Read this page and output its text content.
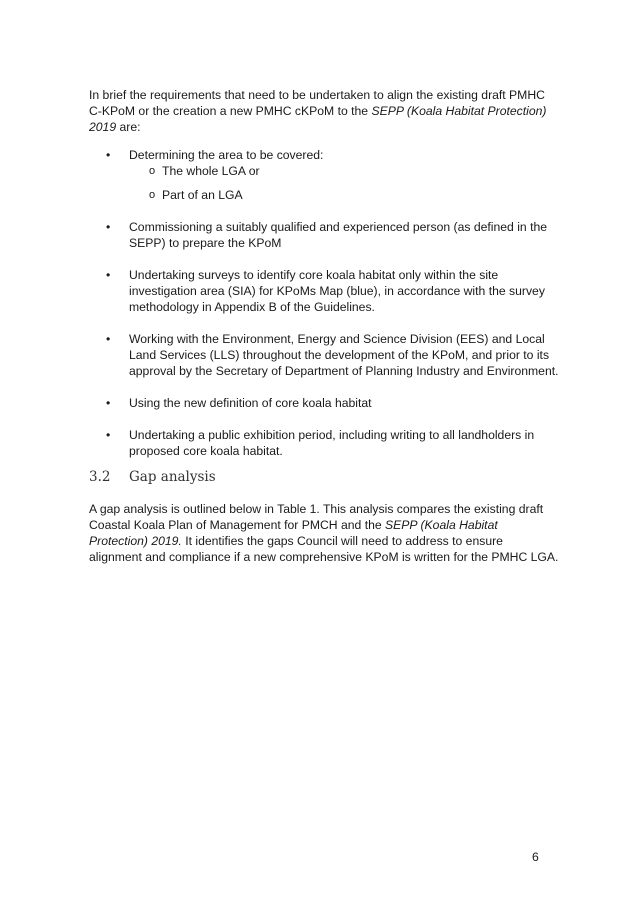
In brief the requirements that need to be undertaken to align the existing draft PMHC C-KPoM or the creation a new PMHC cKPoM to the SEPP (Koala Habitat Protection) 2019 are:

• Determining the area to be covered:
o The whole LGA or
o Part of an LGA
• Commissioning a suitably qualified and experienced person (as defined in the SEPP) to prepare the KPoM
• Undertaking surveys to identify core koala habitat only within the site investigation area (SIA) for KPoMs Map (blue), in accordance with the survey methodology in Appendix B of the Guidelines.
• Working with the Environment, Energy and Science Division (EES) and Local Land Services (LLS) throughout the development of the KPoM, and prior to its approval by the Secretary of Department of Planning Industry and Environment.
• Using the new definition of core koala habitat
• Undertaking a public exhibition period, including writing to all landholders in proposed core koala habitat.
3.2 Gap analysis

A gap analysis is outlined below in Table 1. This analysis compares the existing draft Coastal Koala Plan of Management for PMCH and the SEPP (Koala Habitat Protection) 2019. It identifies the gaps Council will need to address to ensure alignment and compliance if a new comprehensive KPoM is written for the PMHC LGA.

6
